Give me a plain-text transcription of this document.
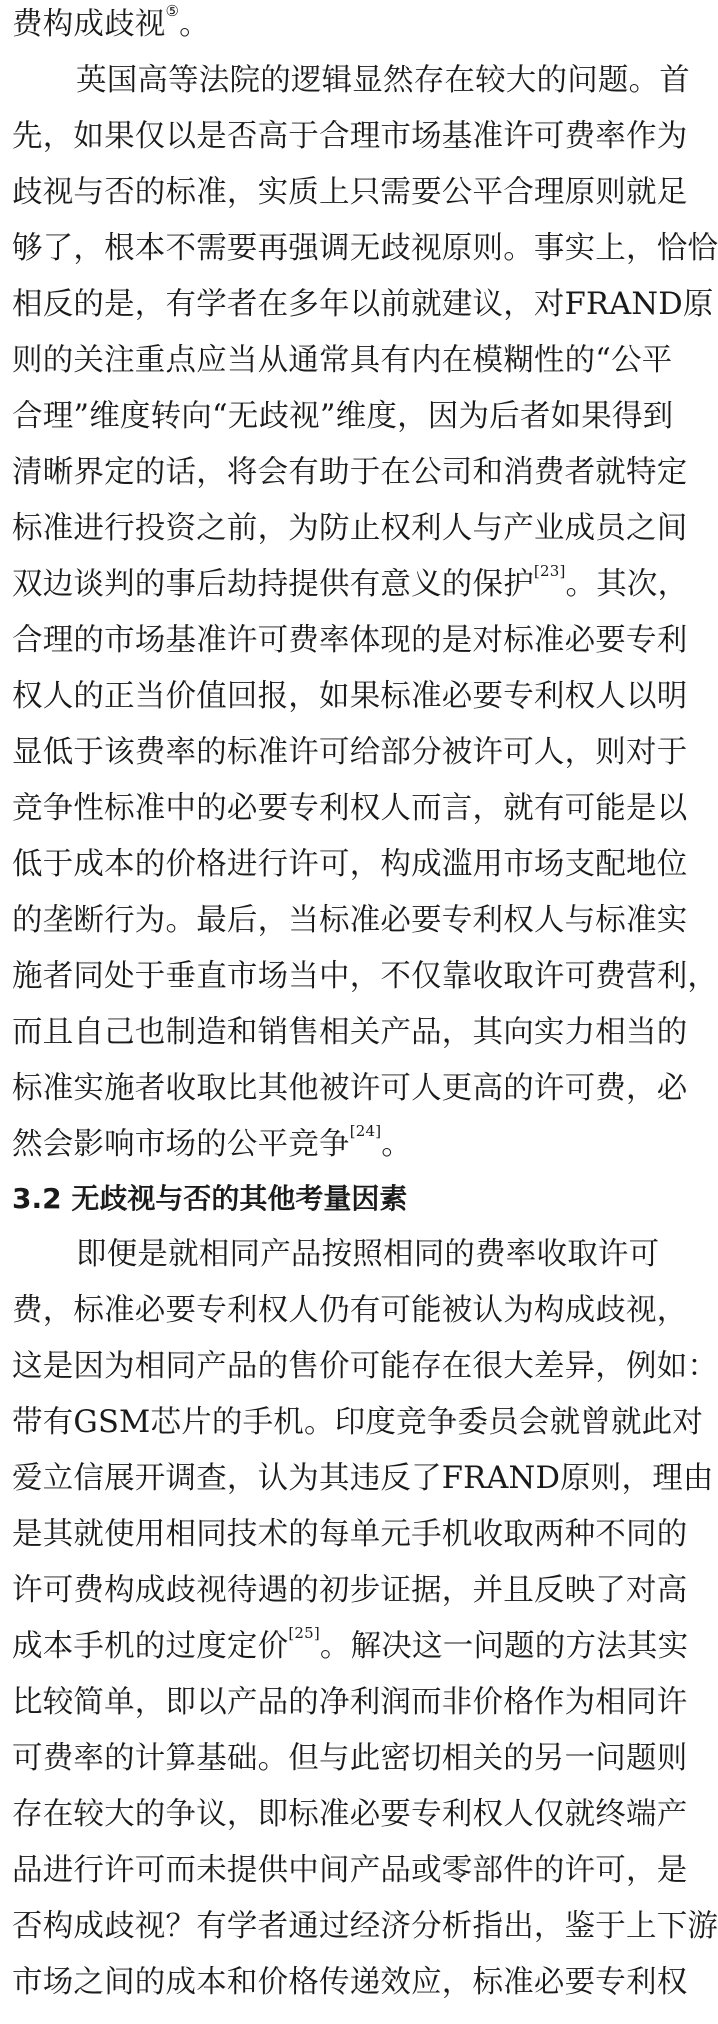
费构成歧视⑤。
英国高等法院的逻辑显然存在较大的问题。首
先，如果仅以是否高于合理市场基准许可费率作为
歧视与否的标准，实质上只需要公平合理原则就足
够了，根本不需要再强调无歧视原则。事实上，恰恰
相反的是，有学者在多年以前就建议，对FRAND原
则的关注重点应当从通常具有内在模糊性的“公平
合理”维度转向“无歧视”维度，因为后者如果得到
清晰界定的话，将会有助于在公司和消费者就特定
标准进行投资之前，为防止权利人与产业成员之间
双边谈判的事后劫持提供有意义的保护[23]。其次，
合理的市场基准许可费率体现的是对标准必要专利
权人的正当价值回报，如果标准必要专利权人以明
显低于该费率的标准许可给部分被许可人，则对于
竞争性标准中的必要专利权人而言，就有可能是以
低于成本的价格进行许可，构成滥用市场支配地位
的垄断行为。最后，当标准必要专利权人与标准实
施者同处于垂直市场当中，不仅靠收取许可费营利，
而且自己也制造和销售相关产品，其向实力相当的
标准实施者收取比其他被许可人更高的许可费，必
然会影响市场的公平竞争[24]。
3.2 无歧视与否的其他考量因素
即便是就相同产品按照相同的费率收取许可
费，标准必要专利权人仍有可能被认为构成歧视，
这是因为相同产品的售价可能存在很大差异，例如：
带有GSM芯片的手机。印度竞争委员会就曾就此对
爱立信展开调查，认为其违反了FRAND原则，理由
是其就使用相同技术的每单元手机收取两种不同的
许可费构成歧视待遇的初步证据，并且反映了对高
成本手机的过度定价[25]。解决这一问题的方法其实
比较简单，即以产品的净利润而非价格作为相同许
可费率的计算基础。但与此密切相关的另一问题则
存在较大的争议，即标准必要专利权人仅就终端产
品进行许可而未提供中间产品或零部件的许可，是
否构成歧视？有学者通过经济分析指出，鉴于上下游
市场之间的成本和价格传递效应，标准必要专利权
